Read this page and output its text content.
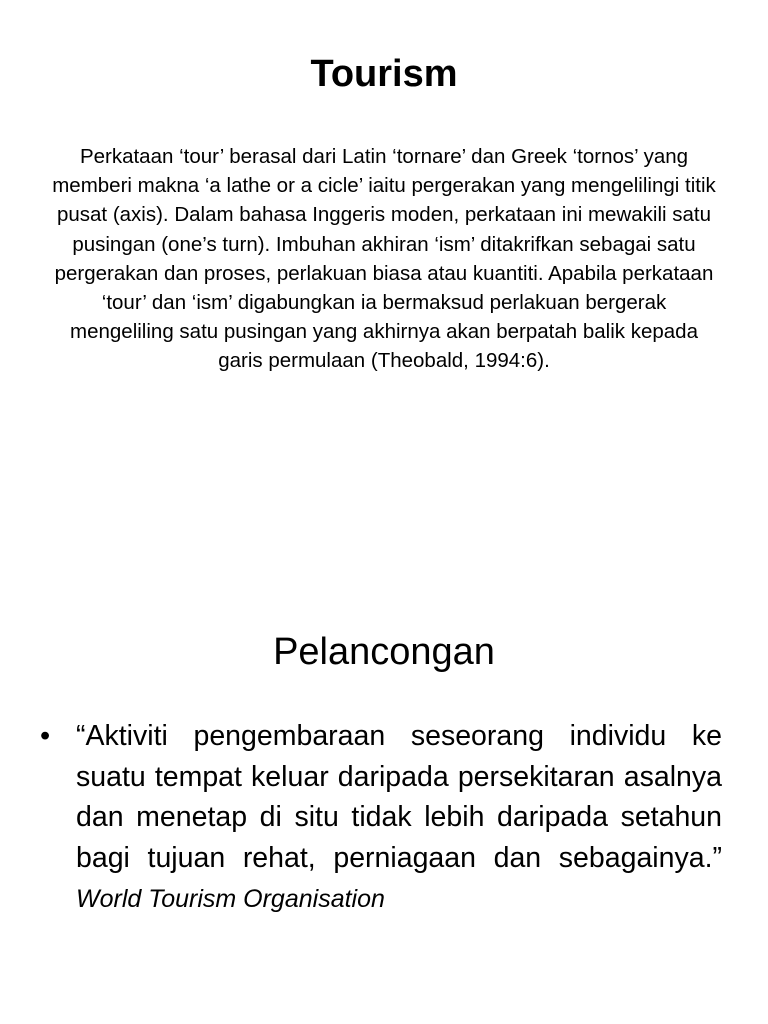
Tourism

Perkataan ‘tour’ berasal dari Latin ‘tornare’ dan Greek ‘tornos’ yang memberi makna ‘a lathe or a cicle’ iaitu pergerakan yang mengelilingi titik pusat (axis). Dalam bahasa Inggeris moden, perkataan ini mewakili satu pusingan (one’s turn). Imbuhan akhiran ‘ism’ ditakrifkan sebagai satu pergerakan dan proses, perlakuan biasa atau kuantiti. Apabila perkataan ‘tour’ dan ‘ism’ digabungkan ia bermaksud perlakuan bergerak mengeliling satu pusingan yang akhirnya akan berpatah balik kepada garis permulaan (Theobald, 1994:6).

Pelancongan
• “Aktiviti pengembaraan seseorang individu ke suatu tempat keluar daripada persekitaran asalnya dan menetap di situ tidak lebih daripada setahun bagi tujuan rehat, perniagaan dan sebagainya.” World Tourism Organisation
